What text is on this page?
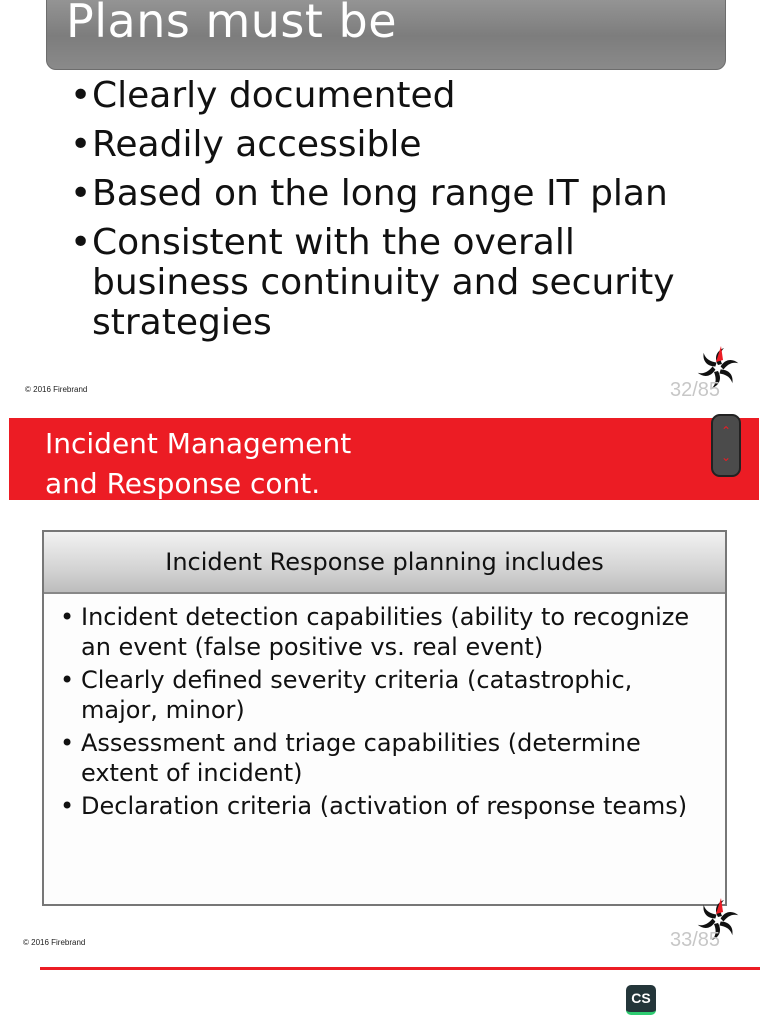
Plans must be
• Clearly documented
• Readily accessible
• Based on the long range IT plan
• Consistent with the overall business continuity and security strategies
© 2016 Firebrand	32/85
Incident Management
and Response cont.
⌃
⌄
Incident Response planning includes
• Incident detection capabilities (ability to recognize an event (false positive vs. real event)
• Clearly defined severity criteria (catastrophic, major, minor)
• Assessment and triage capabilities (determine extent of incident)
• Declaration criteria (activation of response teams)
© 2016 Firebrand	33/85
CS
